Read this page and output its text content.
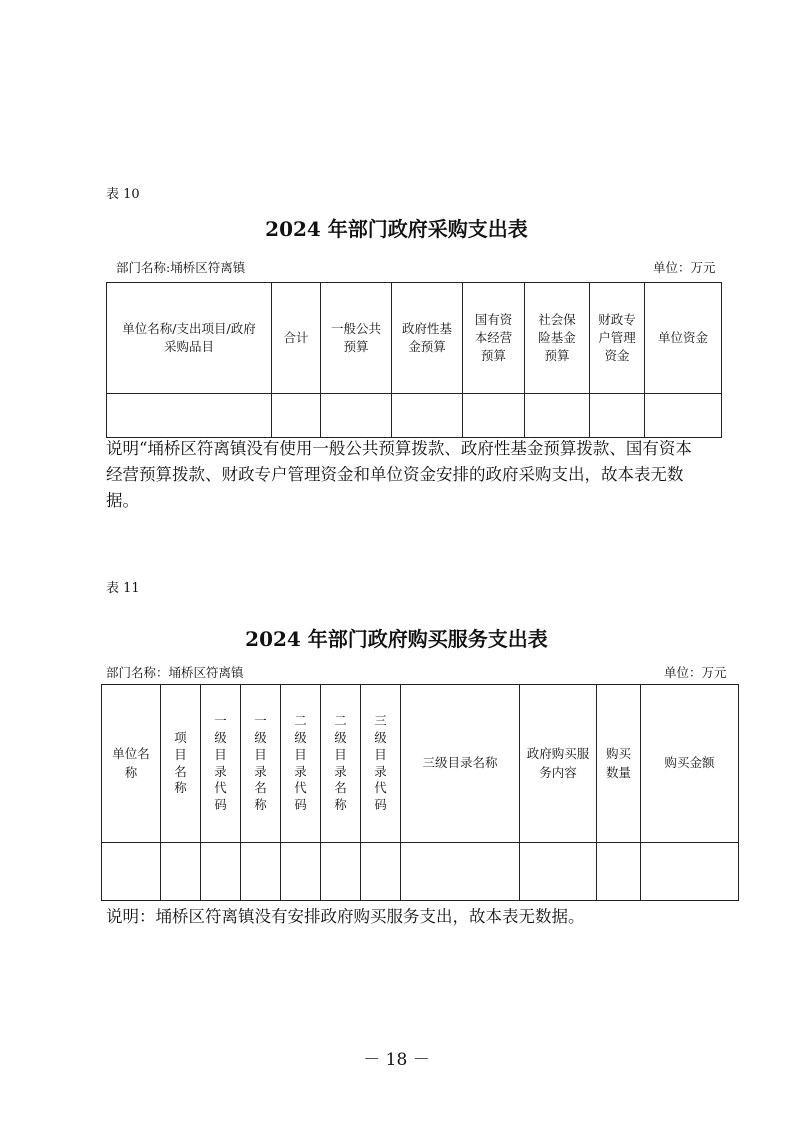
表 10
2024 年部门政府采购支出表
部门名称:埇桥区符离镇	单位：万元
单位名称/支出项目/政府采购品目	合计	一般公共预算	政府性基金预算	国有资本经营预算	社会保险基金预算	财政专户管理资金	单位资金

说明“埇桥区符离镇没有使用一般公共预算拨款、政府性基金预算拨款、国有资本经营预算拨款、财政专户管理资金和单位资金安排的政府采购支出，故本表无数据。
表 11
2024 年部门政府购买服务支出表
部门名称：埇桥区符离镇	单位：万元
单位名称	项目名称	一级目录代码	一级目录名称	二级目录代码	二级目录名称	三级目录代码	三级目录名称	政府购买服务内容	购买数量	购买金额

说明：埇桥区符离镇没有安排政府购买服务支出，故本表无数据。
－ 18 －
